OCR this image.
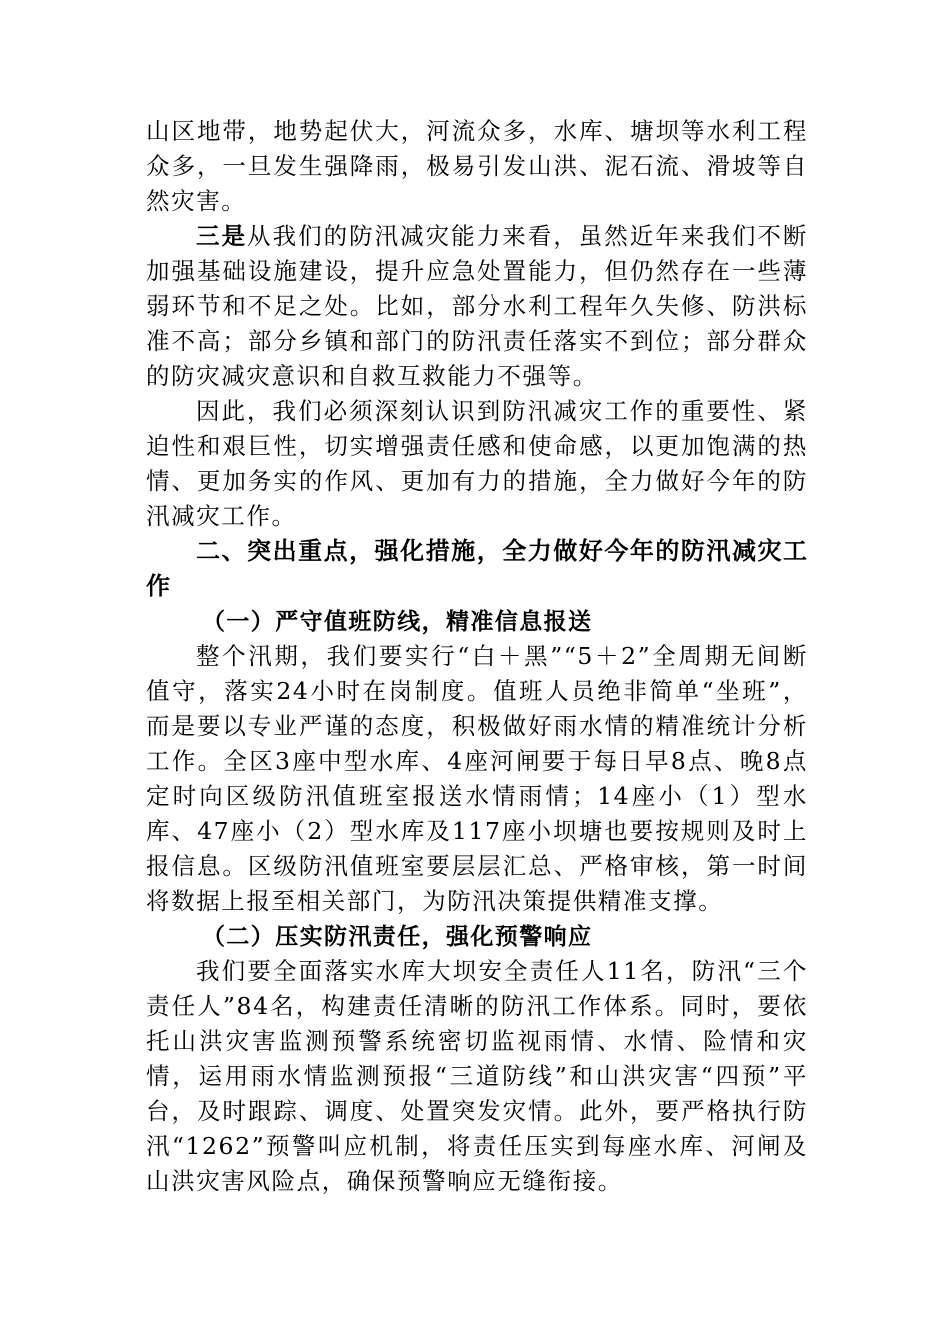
山区地带，地势起伏大，河流众多，水库、塘坝等水利工程众多，一旦发生强降雨，极易引发山洪、泥石流、滑坡等自然灾害。

三是从我们的防汛减灾能力来看，虽然近年来我们不断加强基础设施建设，提升应急处置能力，但仍然存在一些薄弱环节和不足之处。比如，部分水利工程年久失修、防洪标准不高；部分乡镇和部门的防汛责任落实不到位；部分群众的防灾减灾意识和自救互救能力不强等。

因此，我们必须深刻认识到防汛减灾工作的重要性、紧迫性和艰巨性，切实增强责任感和使命感，以更加饱满的热情、更加务实的作风、更加有力的措施，全力做好今年的防汛减灾工作。

二、突出重点，强化措施，全力做好今年的防汛减灾工作
（一）严守值班防线，精准信息报送

整个汛期，我们要实行“白＋黑”“5＋2”全周期无间断值守，落实24小时在岗制度。值班人员绝非简单“坐班”，而是要以专业严谨的态度，积极做好雨水情的精准统计分析工作。全区3座中型水库、4座河闸要于每日早8点、晚8点定时向区级防汛值班室报送水情雨情；14座小（1）型水库、47座小（2）型水库及117座小坝塘也要按规则及时上报信息。区级防汛值班室要层层汇总、严格审核，第一时间将数据上报至相关部门，为防汛决策提供精准支撑。

（二）压实防汛责任，强化预警响应

我们要全面落实水库大坝安全责任人11名，防汛“三个责任人”84名，构建责任清晰的防汛工作体系。同时，要依托山洪灾害监测预警系统密切监视雨情、水情、险情和灾情，运用雨水情监测预报“三道防线”和山洪灾害“四预”平台，及时跟踪、调度、处置突发灾情。此外，要严格执行防汛“1262”预警叫应机制，将责任压实到每座水库、河闸及山洪灾害风险点，确保预警响应无缝衔接。
